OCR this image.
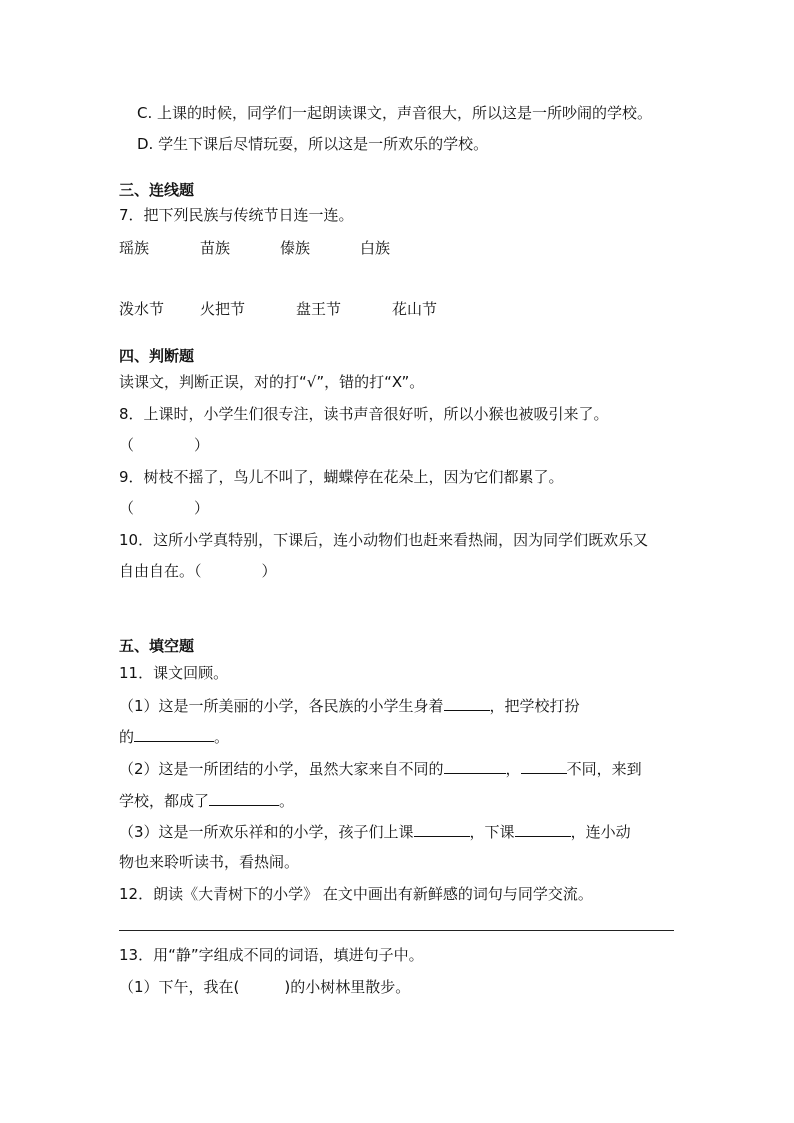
C. 上课的时候，同学们一起朗读课文，声音很大，所以这是一所吵闹的学校。
D. 学生下课后尽情玩耍，所以这是一所欢乐的学校。
三、连线题
7．把下列民族与传统节日连一连。
瑶族	苗族	傣族	白族
泼水节 火把节	盘王节	花山节
四、判断题
读课文，判断正误，对的打“√”，错的打“X”。
8．上课时，小学生们很专注，读书声音很好听，所以小猴也被吸引来了。
（　　　　）
9．树枝不摇了，鸟儿不叫了，蝴蝶停在花朵上，因为它们都累了。
（　　　　）
10．这所小学真特别，下课后，连小动物们也赶来看热闹，因为同学们既欢乐又
自由自在。（　　　　）
五、填空题
11．课文回顾。
（1）这是一所美丽的小学，各民族的小学生身着	，把学校打扮
的	。
（2）这是一所团结的小学，虽然大家来自不同的	，	不同，来到
学校，都成了	。
（3）这是一所欢乐祥和的小学，孩子们上课	，下课	，连小动
物也来聆听读书，看热闹。
12．朗读《大青树下的小学》 在文中画出有新鲜感的词句与同学交流。
13．用“静”字组成不同的词语，填进句子中。
（1）下午，我在(　　　)的小树林里散步。
